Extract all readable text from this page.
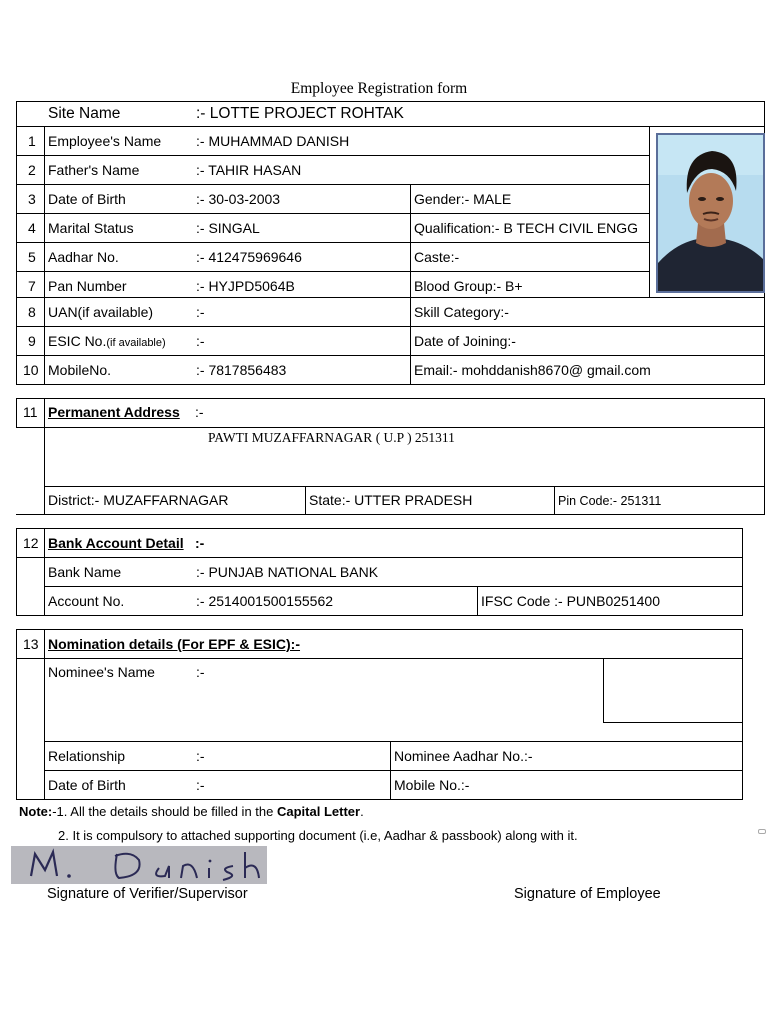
Employee Registration form
Site Name	:- LOTTE PROJECT ROHTAK
1 Employee's Name :- MUHAMMAD DANISH
2 Father's Name	:- TAHIR HASAN
3 Date of Birth	:- 30-03-2003	Gender:- MALE
4 Marital Status	:- SINGAL	Qualification:- B TECH CIVIL ENGG
5 Aadhar No.	:- 412475969646	Caste:-
7 Pan Number	:- HYJPD5064B	Blood Group:- B+
8 UAN(if available)	:-	Skill Category:-
9 ESIC No.(if available) :-	Date of Joining:-
10 MobileNo.	:- 7817856483	Email:- mohddanish8670@ gmail.com
11 Permanent Address :-
PAWTI MUZAFFARNAGAR ( U.P ) 251311
District:- MUZAFFARNAGAR	State:- UTTER PRADESH	Pin Code:- 251311
12 Bank Account Detail :-
Bank Name	:- PUNJAB NATIONAL BANK
Account No.	:- 2514001500155562	IFSC Code :- PUNB0251400
13 Nomination details (For EPF & ESIC):-
Nominee's Name	:-
Relationship	:-	Nominee Aadhar No.:-
Date of Birth	:-	Mobile No.:-
Note:-1. All the details should be filled in the Capital Letter.
2. It is compulsory to attached supporting document (i.e, Aadhar & passbook) along with it.
Signature of Verifier/Supervisor	Signature of Employee
